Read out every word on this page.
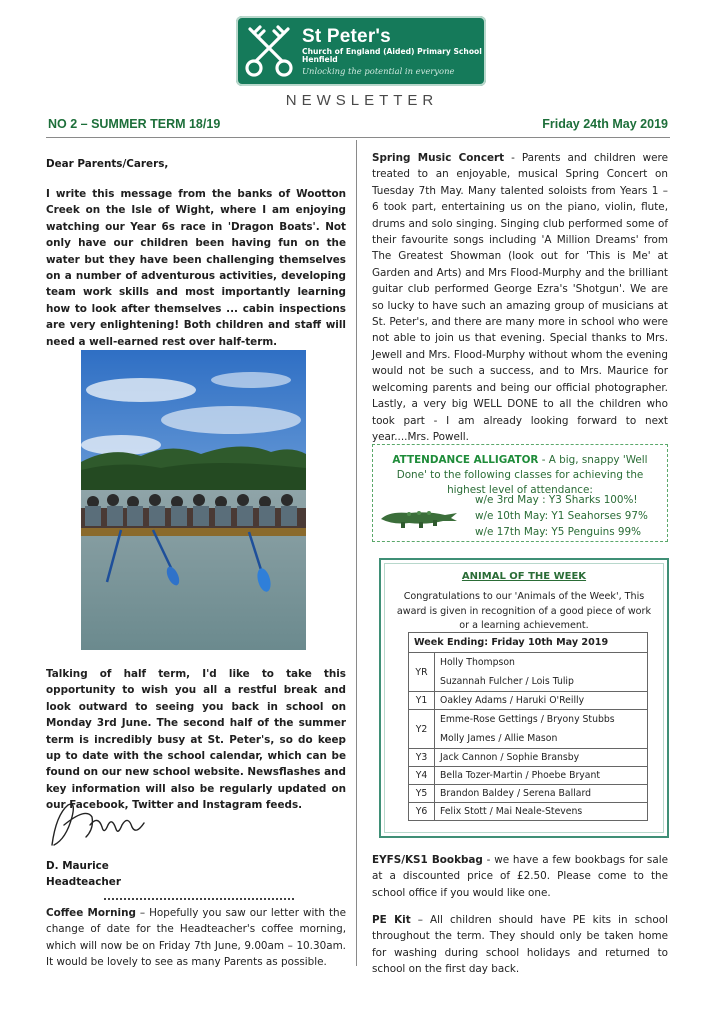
St Peter's
Church of England (Aided) Primary School
Henfield
Unlocking the potential in everyone
NEWSLETTER
NO 2 – SUMMER TERM 18/19	Friday 24th May 2019
Dear Parents/Carers,
I write this message from the banks of Wootton Creek on the Isle of Wight, where I am enjoying watching our Year 6s race in 'Dragon Boats'. Not only have our children been having fun on the water but they have been challenging themselves on a number of adventurous activities, developing team work skills and most importantly learning how to look after themselves ... cabin inspections are very enlightening! Both children and staff will need a well-earned rest over half-term.
Talking of half term, I'd like to take this opportunity to wish you all a restful break and look outward to seeing you back in school on Monday 3rd June. The second half of the summer term is incredibly busy at St. Peter's, so do keep up to date with the school calendar, which can be found on our new school website. Newsflashes and key information will also be regularly updated on our Facebook, Twitter and Instagram feeds.
D. Maurice
Headteacher
Coffee Morning – Hopefully you saw our letter with the change of date for the Headteacher's coffee morning, which will now be on Friday 7th June, 9.00am – 10.30am. It would be lovely to see as many Parents as possible.
Spring Music Concert - Parents and children were treated to an enjoyable, musical Spring Concert on Tuesday 7th May. Many talented soloists from Years 1 – 6 took part, entertaining us on the piano, violin, flute, drums and solo singing. Singing club performed some of their favourite songs including 'A Million Dreams' from The Greatest Showman (look out for 'This is Me' at Garden and Arts) and Mrs Flood-Murphy and the brilliant guitar club performed George Ezra's 'Shotgun'. We are so lucky to have such an amazing group of musicians at St. Peter's, and there are many more in school who were not able to join us that evening. Special thanks to Mrs. Jewell and Mrs. Flood-Murphy without whom the evening would not be such a success, and to Mrs. Maurice for welcoming parents and being our official photographer. Lastly, a very big WELL DONE to all the children who took part - I am already looking forward to next year....Mrs. Powell.
ATTENDANCE ALLIGATOR - A big, snappy 'Well Done' to the following classes for achieving the highest level of attendance:
w/e 3rd May : Y3 Sharks 100%!
w/e 10th May: Y1 Seahorses 97%
w/e 17th May: Y5 Penguins 99%
ANIMAL OF THE WEEK
Congratulations to our 'Animals of the Week', This award is given in recognition of a good piece of work or a learning achievement.
Week Ending: Friday 10th May 2019	
YR	Holly Thompson
Suzannah Fulcher / Lois Tulip

Y1	Oakley Adams / Haruki O'Reilly
Y2	Emme-Rose Gettings / Bryony Stubbs
Molly James / Allie Mason

Y3	Jack Cannon / Sophie Bransby
Y4	Bella Tozer-Martin / Phoebe Bryant
Y5	Brandon Baldey / Serena Ballard
Y6	Felix Stott / Mai Neale-Stevens
EYFS/KS1 Bookbag - we have a few bookbags for sale at a discounted price of £2.50. Please come to the school office if you would like one.
PE Kit – All children should have PE kits in school throughout the term. They should only be taken home for washing during school holidays and returned to school on the first day back.
